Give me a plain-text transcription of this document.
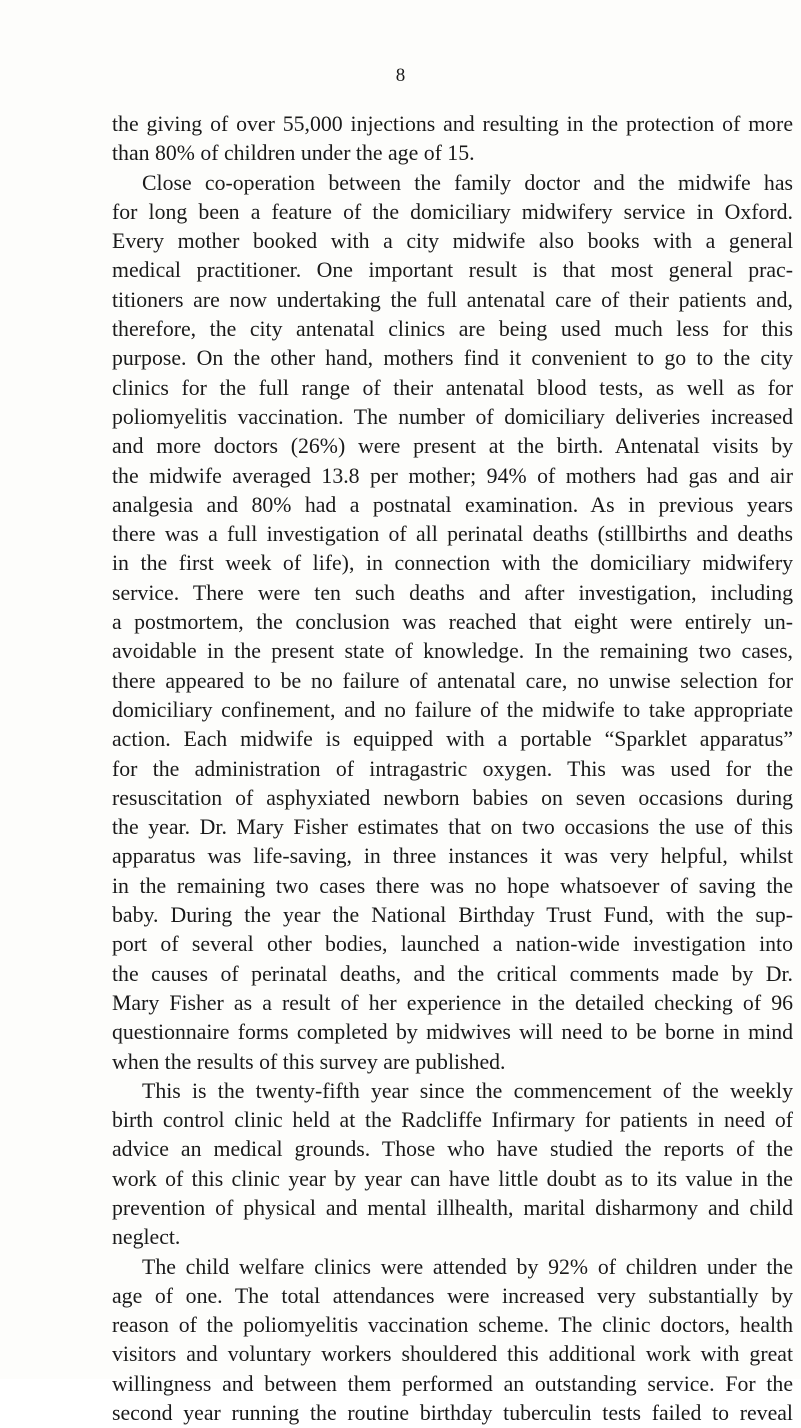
8
the giving of over 55,000 injections and resulting in the protection of more
than 80% of children under the age of 15.
Close co-operation between the family doctor and the midwife has
for long been a feature of the domiciliary midwifery service in Oxford.
Every mother booked with a city midwife also books with a general
medical practitioner. One important result is that most general prac-
titioners are now undertaking the full antenatal care of their patients and,
therefore, the city antenatal clinics are being used much less for this
purpose. On the other hand, mothers find it convenient to go to the city
clinics for the full range of their antenatal blood tests, as well as for
poliomyelitis vaccination. The number of domiciliary deliveries increased
and more doctors (26%) were present at the birth. Antenatal visits by
the midwife averaged 13.8 per mother; 94% of mothers had gas and air
analgesia and 80% had a postnatal examination. As in previous years
there was a full investigation of all perinatal deaths (stillbirths and deaths
in the first week of life), in connection with the domiciliary midwifery
service. There were ten such deaths and after investigation, including
a postmortem, the conclusion was reached that eight were entirely un-
avoidable in the present state of knowledge. In the remaining two cases,
there appeared to be no failure of antenatal care, no unwise selection for
domiciliary confinement, and no failure of the midwife to take appropriate
action. Each midwife is equipped with a portable “Sparklet apparatus”
for the administration of intragastric oxygen. This was used for the
resuscitation of asphyxiated newborn babies on seven occasions during
the year. Dr. Mary Fisher estimates that on two occasions the use of this
apparatus was life-saving, in three instances it was very helpful, whilst
in the remaining two cases there was no hope whatsoever of saving the
baby. During the year the National Birthday Trust Fund, with the sup-
port of several other bodies, launched a nation-wide investigation into
the causes of perinatal deaths, and the critical comments made by Dr.
Mary Fisher as a result of her experience in the detailed checking of 96
questionnaire forms completed by midwives will need to be borne in mind
when the results of this survey are published.
This is the twenty-fifth year since the commencement of the weekly
birth control clinic held at the Radcliffe Infirmary for patients in need of
advice an medical grounds. Those who have studied the reports of the
work of this clinic year by year can have little doubt as to its value in the
prevention of physical and mental illhealth, marital disharmony and child
neglect.
The child welfare clinics were attended by 92% of children under the
age of one. The total attendances were increased very substantially by
reason of the poliomyelitis vaccination scheme. The clinic doctors, health
visitors and voluntary workers shouldered this additional work with great
willingness and between them performed an outstanding service. For the
second year running the routine birthday tuberculin tests failed to reveal
